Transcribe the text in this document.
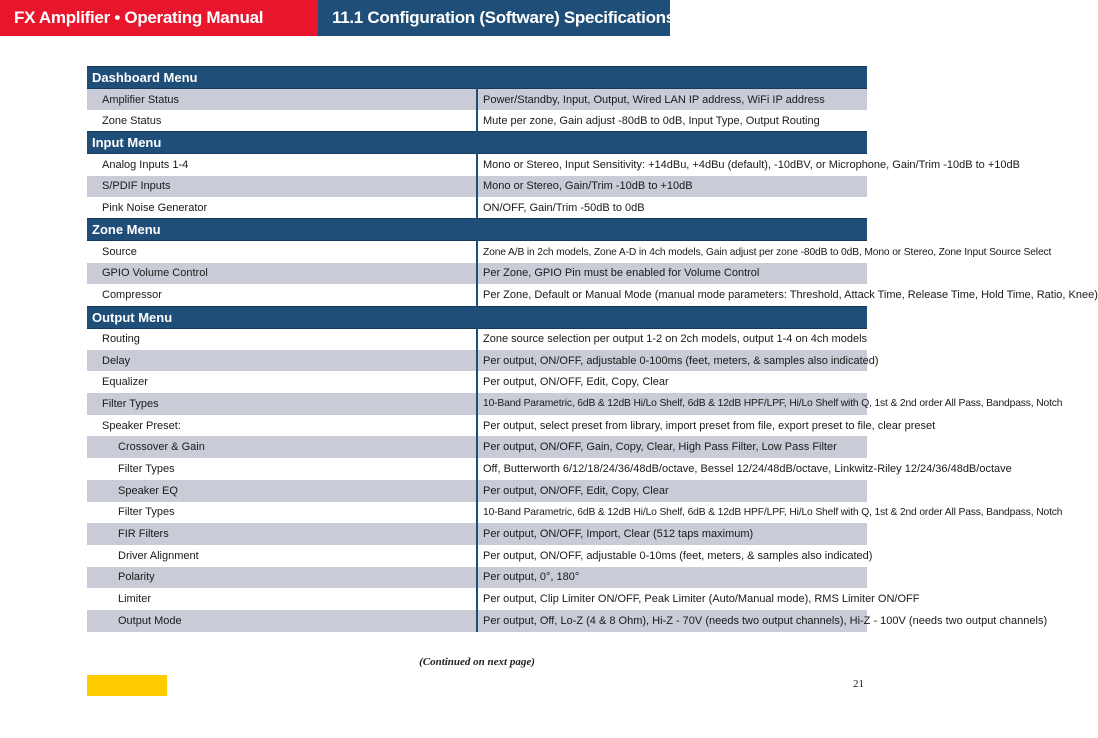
FX Amplifier • Operating Manual	11.1 Configuration (Software) Specifications
Dashboard Menu	
Amplifier Status	Power/Standby, Input, Output, Wired LAN IP address, WiFi IP address
Zone Status	Mute per zone, Gain adjust -80dB to 0dB, Input Type, Output Routing
Input Menu	
Analog Inputs 1-4	Mono or Stereo, Input Sensitivity: +14dBu, +4dBu (default), -10dBV, or Microphone, Gain/Trim -10dB to +10dB
S/PDIF Inputs	Mono or Stereo, Gain/Trim -10dB to +10dB
Pink Noise Generator	ON/OFF, Gain/Trim -50dB to 0dB
Zone Menu	
Source	Zone A/B in 2ch models, Zone A-D in 4ch models, Gain adjust per zone -80dB to 0dB, Mono or Stereo, Zone Input Source Select
GPIO Volume Control	Per Zone, GPIO Pin must be enabled for Volume Control
Compressor	Per Zone, Default or Manual Mode (manual mode parameters: Threshold, Attack Time, Release Time, Hold Time, Ratio, Knee)
Output Menu	
Routing	Zone source selection per output 1-2 on 2ch models, output 1-4 on 4ch models
Delay	Per output, ON/OFF, adjustable 0-100ms (feet, meters, & samples also indicated)
Equalizer	Per output, ON/OFF, Edit, Copy, Clear
Filter Types	10-Band Parametric, 6dB & 12dB Hi/Lo Shelf, 6dB & 12dB HPF/LPF, Hi/Lo Shelf with Q, 1st & 2nd order All Pass, Bandpass, Notch
Speaker Preset:	Per output, select preset from library, import preset from file, export preset to file, clear preset
Crossover & Gain	Per output, ON/OFF, Gain, Copy, Clear, High Pass Filter, Low Pass Filter
Filter Types	Off, Butterworth 6/12/18/24/36/48dB/octave, Bessel 12/24/48dB/octave, Linkwitz-Riley 12/24/36/48dB/octave
Speaker EQ	Per output, ON/OFF, Edit, Copy, Clear
Filter Types	10-Band Parametric, 6dB & 12dB Hi/Lo Shelf, 6dB & 12dB HPF/LPF, Hi/Lo Shelf with Q, 1st & 2nd order All Pass, Bandpass, Notch
FIR Filters	Per output, ON/OFF, Import, Clear (512 taps maximum)
Driver Alignment	Per output, ON/OFF, adjustable 0-10ms (feet, meters, & samples also indicated)
Polarity	Per output, 0°, 180°
Limiter	Per output, Clip Limiter ON/OFF, Peak Limiter (Auto/Manual mode), RMS Limiter ON/OFF
Output Mode	Per output, Off, Lo-Z (4 & 8 Ohm), Hi-Z - 70V (needs two output channels), Hi-Z - 100V (needs two output channels)
(Continued on next page)
21
